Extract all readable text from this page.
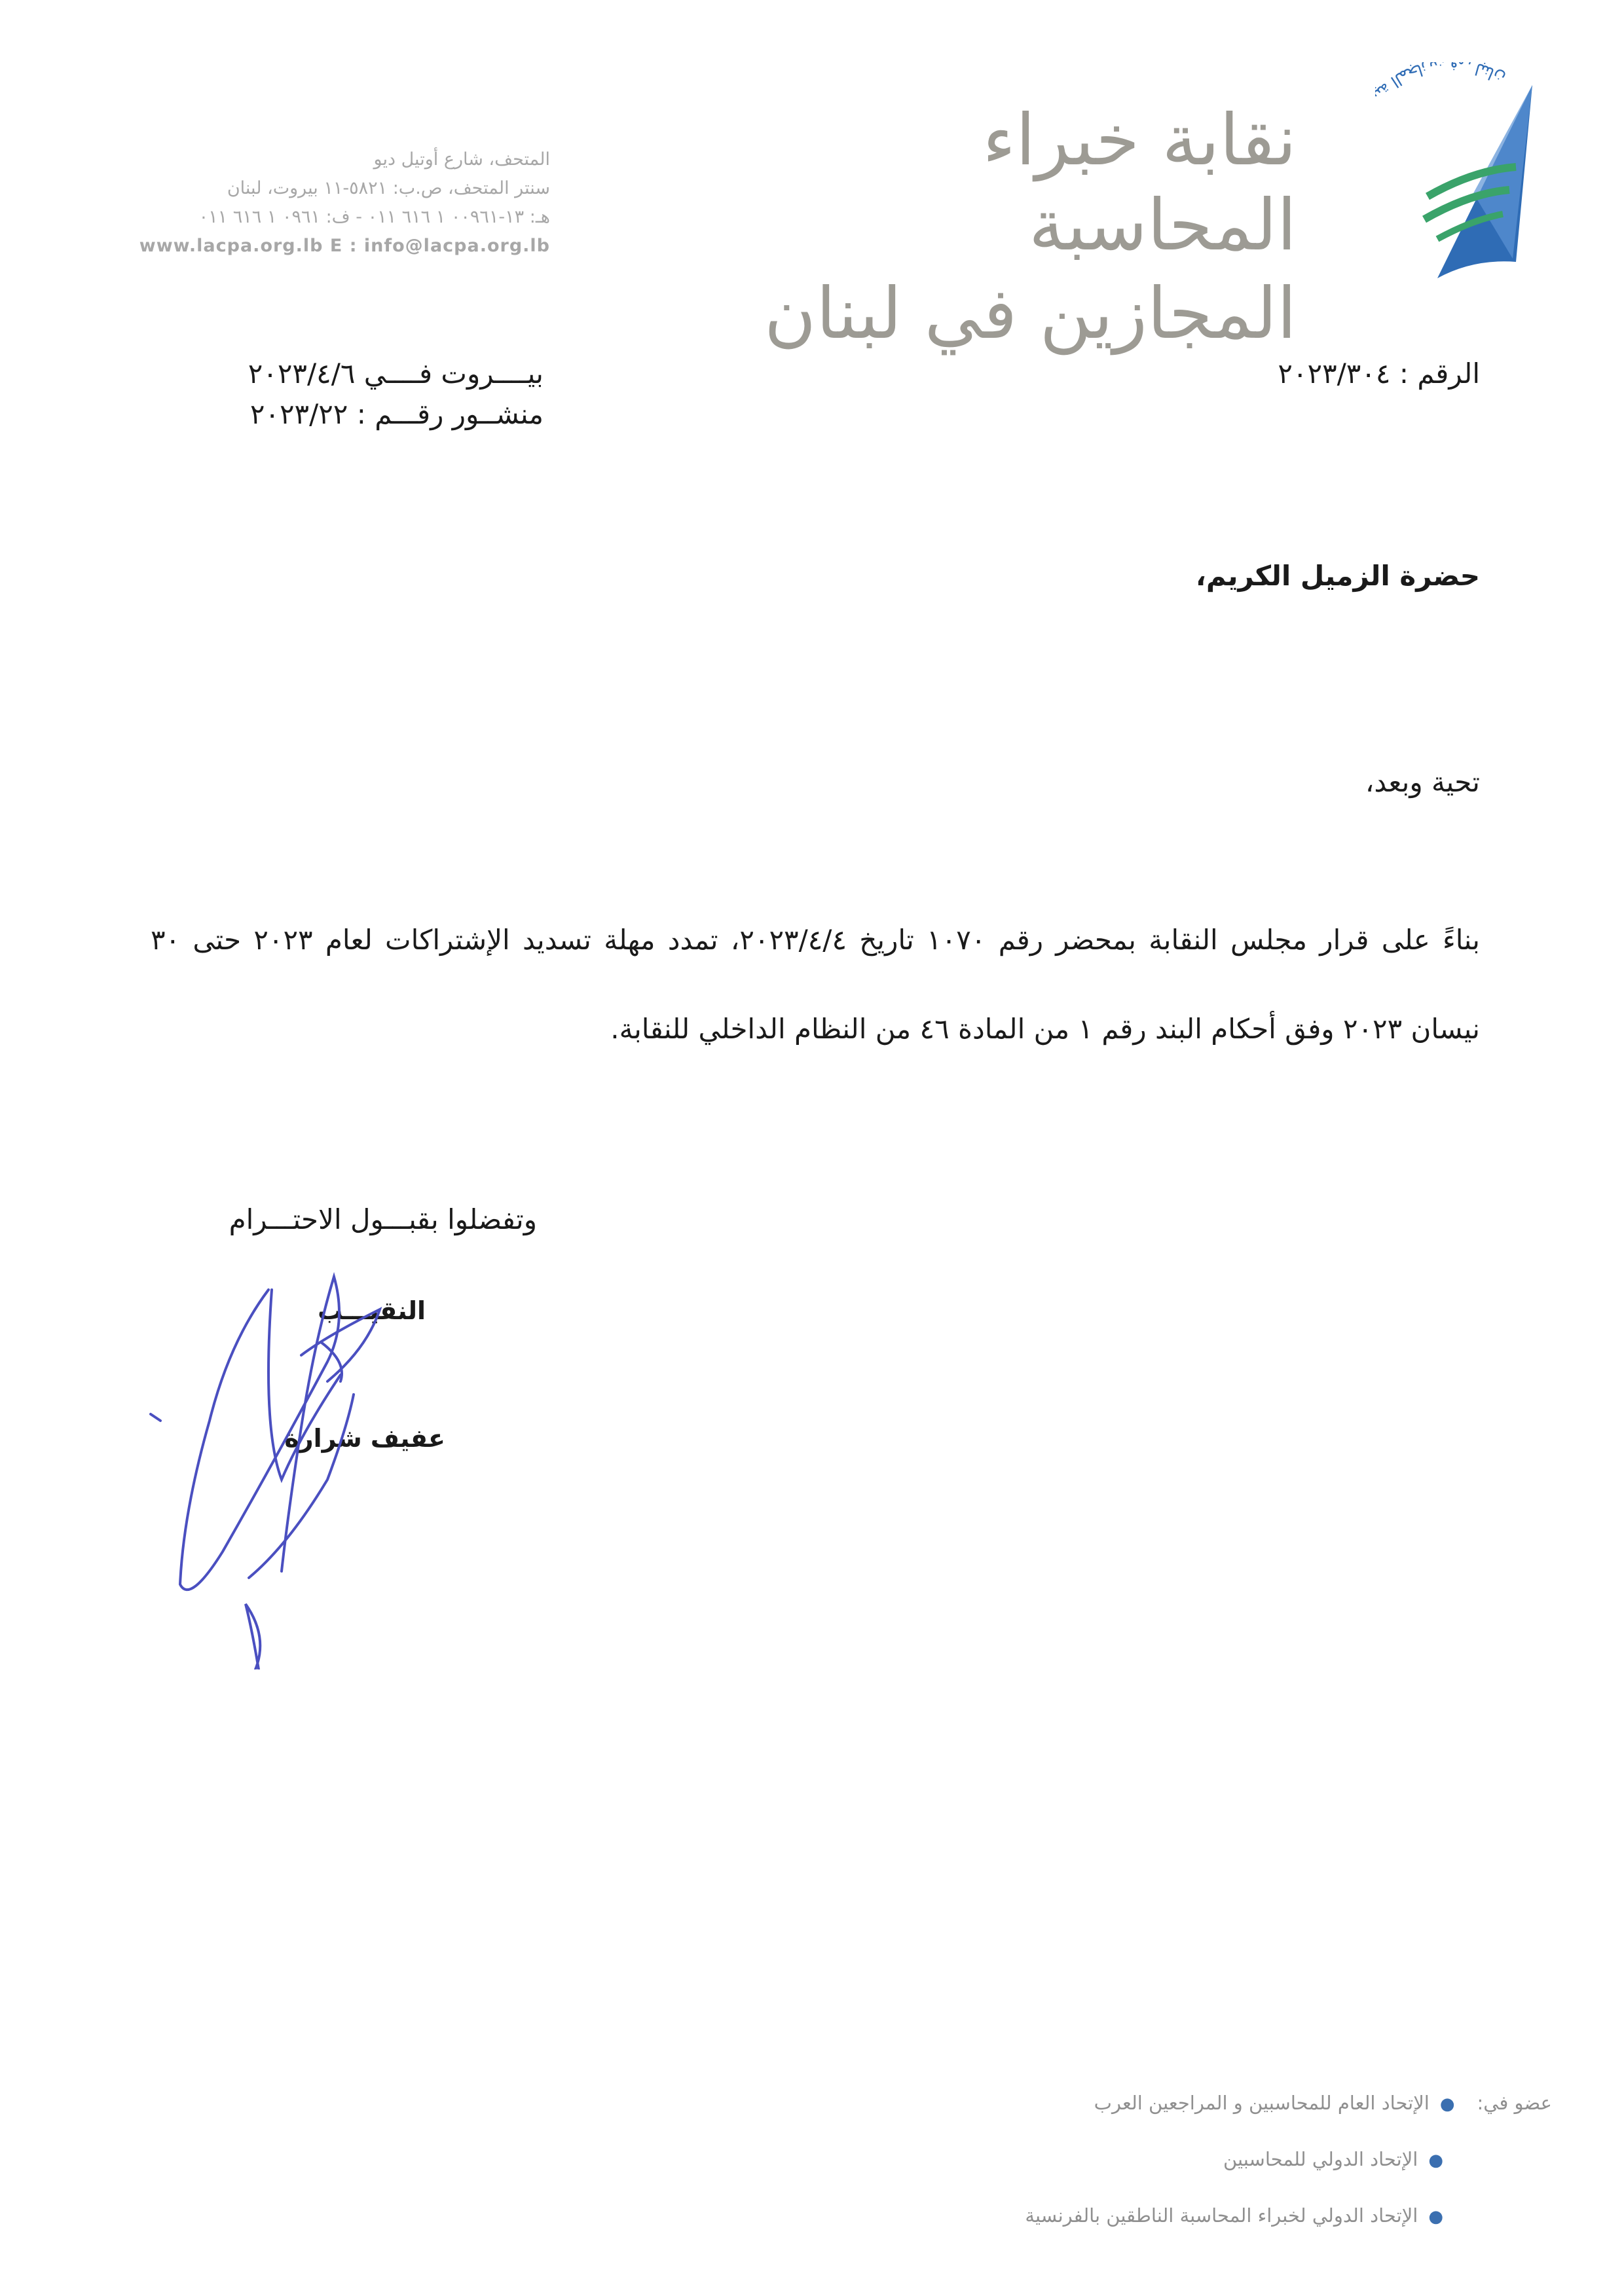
ة المجازين في لبنان
نقابة خبراء المحاسبة
المجازين في لبنان
المتحف، شارع أوتيل ديو
سنتر المتحف، ص.ب: ٥٨٢١-١١ بيروت، لبنان
هـ: ١٣-٠٠٩٦١ ١ ٦١٦ ٠١١ - ف: ٠٩٦١ ١ ٦١٦ ٠١١
www.lacpa.org.lb E : info@lacpa.org.lb
بيــــروت فــــي ٢٠٢٣/٤/٦
منشــور رقـــم : ٢٠٢٣/٢٢
الرقم : ٢٠٢٣/٣٠٤
حضرة الزميل الكريم،
تحية وبعد،
بناءً على قرار مجلس النقابة بمحضر رقم ١٠٧٠ تاريخ ٢٠٢٣/٤/٤، تمدد مهلة تسديد الإشتراكات لعام ٢٠٢٣ حتى ٣٠ نيسان ٢٠٢٣ وفق أحكام البند رقم ١ من المادة ٤٦ من النظام الداخلي للنقابة.
وتفضلوا بقبـــول الاحتـــرام
النقيـــب
عفيف شرارة
عضو في:●الإتحاد العام للمحاسبين و المراجعين العرب
●الإتحاد الدولي للمحاسبين
●الإتحاد الدولي لخبراء المحاسبة الناطقين بالفرنسية
